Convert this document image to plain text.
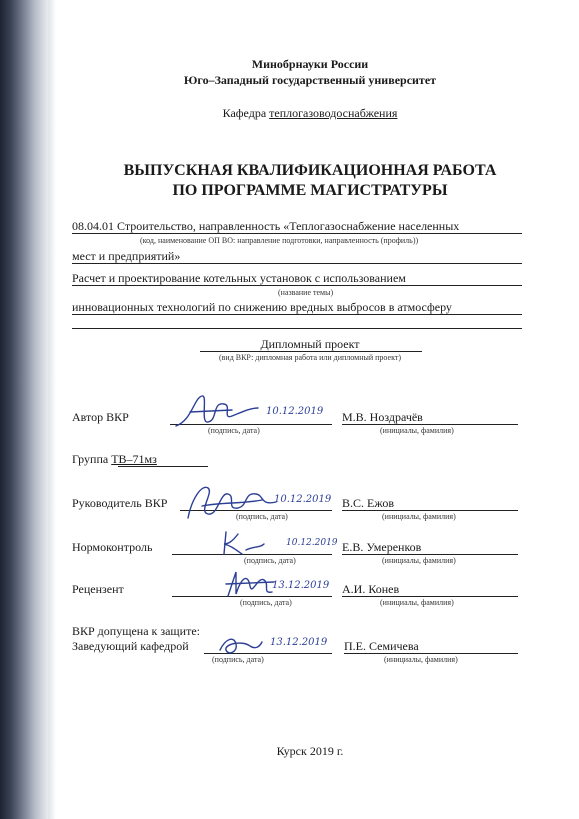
Минобрнауки России
Юго–Западный государственный университет
Кафедра теплогазоводоснабжения
ВЫПУСКНАЯ КВАЛИФИКАЦИОННАЯ РАБОТА
ПО ПРОГРАММЕ МАГИСТРАТУРЫ
08.04.01 Строительство, направленность «Теплогазоснабжение населенных
(код, наименование ОП ВО: направление подготовки, направленность (профиль))
мест и предприятий»
Расчет и проектирование котельных установок с использованием
(название темы)
инновационных технологий по снижению вредных выбросов в атмосферу
Дипломный проект
(вид ВКР: дипломная работа или дипломный проект)
Автор ВКР
(подпись, дата)
М.В. Ноздрачёв
(инициалы, фамилия)
10.12.2019
Группа ТВ–71мз
Руководитель ВКР
(подпись, дата)
В.С. Ежов
(инициалы, фамилия)
10.12.2019
Нормоконтроль
(подпись, дата)
Е.В. Умеренков
(инициалы, фамилия)
10.12.2019
Рецензент
(подпись, дата)
А.И. Конев
(инициалы, фамилия)
13.12.2019
ВКР допущена к защите:
Заведующий кафедрой
(подпись, дата)
П.Е. Семичева
(инициалы, фамилия)
13.12.2019
Курск 2019 г.
